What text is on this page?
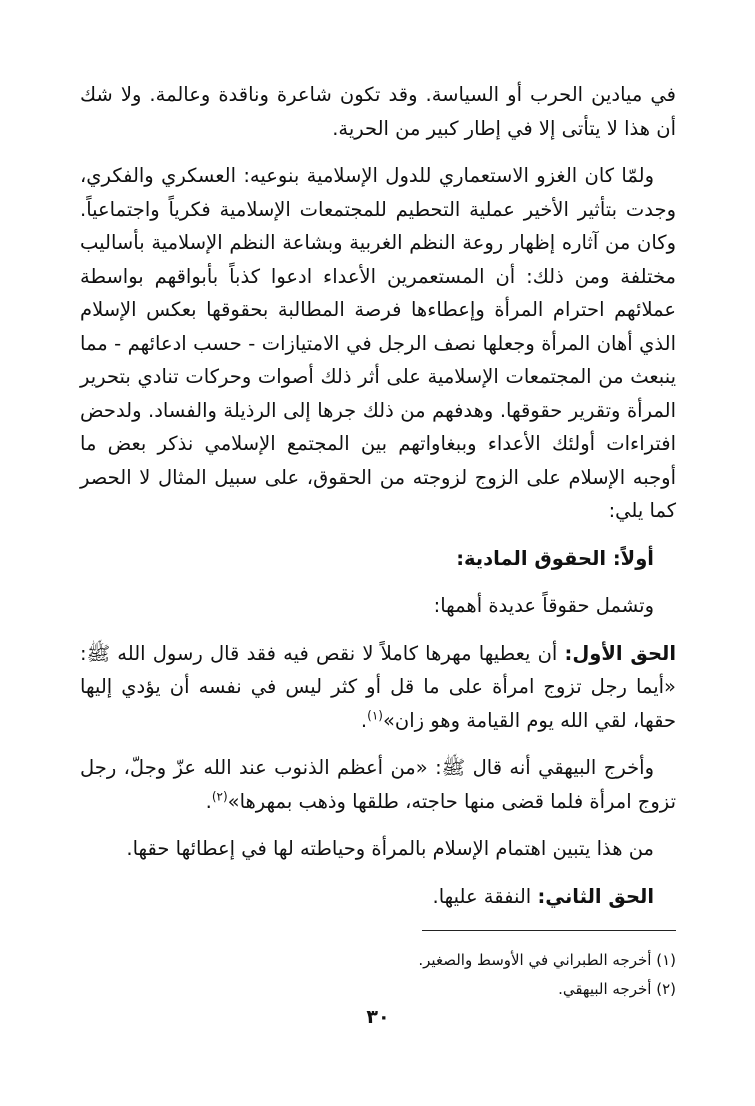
في ميادين الحرب أو السياسة. وقد تكون شاعرة وناقدة وعالمة. ولا شك أن هذا لا يتأتى إلا في إطار كبير من الحرية.

ولمّا كان الغزو الاستعماري للدول الإسلامية بنوعيه: العسكري والفكري، وجدت بتأثير الأخير عملية التحطيم للمجتمعات الإسلامية فكرياً واجتماعياً. وكان من آثاره إظهار روعة النظم الغربية وبشاعة النظم الإسلامية بأساليب مختلفة ومن ذلك: أن المستعمرين الأعداء ادعوا كذباً بأبواقهم بواسطة عملائهم احترام المرأة وإعطاءها فرصة المطالبة بحقوقها بعكس الإسلام الذي أهان المرأة وجعلها نصف الرجل في الامتيازات - حسب ادعائهم - مما ينبعث من المجتمعات الإسلامية على أثر ذلك أصوات وحركات تنادي بتحرير المرأة وتقرير حقوقها. وهدفهم من ذلك جرها إلى الرذيلة والفساد. ولدحض افتراءات أولئك الأعداء وببغاواتهم بين المجتمع الإسلامي نذكر بعض ما أوجبه الإسلام على الزوج لزوجته من الحقوق، على سبيل المثال لا الحصر كما يلي:

أولاً: الحقوق المادية:

وتشمل حقوقاً عديدة أهمها:

الحق الأول: أن يعطيها مهرها كاملاً لا نقص فيه فقد قال رسول الله ﷺ: «أيما رجل تزوج امرأة على ما قل أو كثر ليس في نفسه أن يؤدي إليها حقها، لقي الله يوم القيامة وهو زان»$^{(١)}$.

وأخرج البيهقي أنه قال ﷺ: «من أعظم الذنوب عند الله عزّ وجلّ، رجل تزوج امرأة فلما قضى منها حاجته، طلقها وذهب بمهرها»$^{(٢)}$.

من هذا يتبين اهتمام الإسلام بالمرأة وحياطته لها في إعطائها حقها.

الحق الثاني: النفقة عليها.

(١) أخرجه الطبراني في الأوسط والصغير.
(٢) أخرجه البيهقي.
٣٠
